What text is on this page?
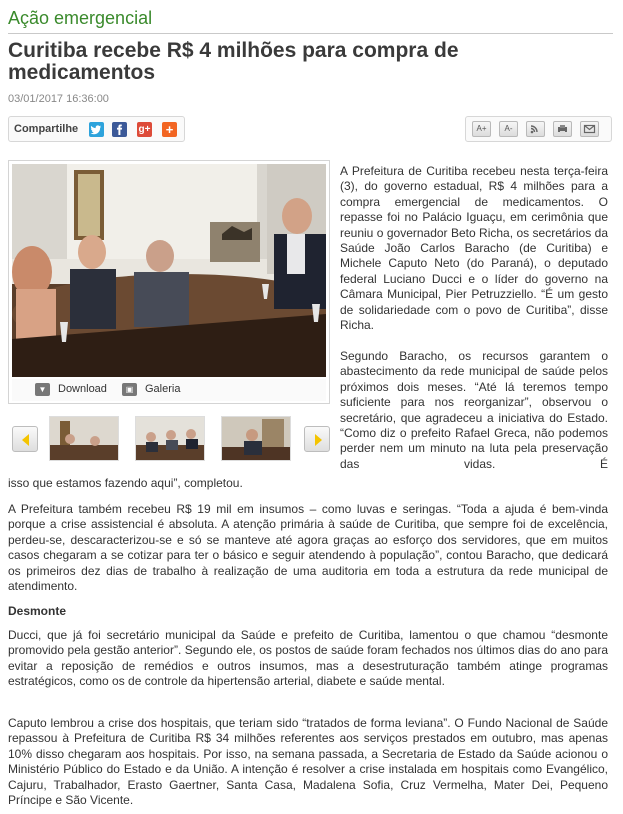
Ação emergencial
Curitiba recebe R$ 4 milhões para compra de medicamentos
03/01/2017 16:36:00
Compartilhe	g+ +	A+	A-
▼	Download	▣	Galeria

A Prefeitura de Curitiba recebeu nesta terça-feira (3), do governo estadual, R$ 4 milhões para a compra emergencial de medicamentos. O repasse foi no Palácio Iguaçu, em cerimônia que reuniu o governador Beto Richa, os secretários da Saúde João Carlos Baracho (de Curitiba) e Michele Caputo Neto (do Paraná), o deputado federal Luciano Ducci e o líder do governo na Câmara Municipal, Pier Petruzziello. “É um gesto de solidariedade com o povo de Curitiba”, disse Richa.

Segundo Baracho, os recursos garantem o abastecimento da rede municipal de saúde pelos próximos dois meses. “Até lá teremos tempo suficiente para nos reorganizar”, observou o secretário, que agradeceu a iniciativa do Estado. “Como diz o prefeito Rafael Greca, não podemos perder nem um minuto na luta pela preservação das vidas. É

isso que estamos fazendo aqui”, completou.

A Prefeitura também recebeu R$ 19 mil em insumos – como luvas e seringas. “Toda a ajuda é bem-vinda porque a crise assistencial é absoluta. A atenção primária à saúde de Curitiba, que sempre foi de excelência, perdeu-se, descaracterizou-se e só se manteve até agora graças ao esforço dos servidores, que em muitos casos chegaram a se cotizar para ter o básico e seguir atendendo à população”, contou Baracho, que dedicará os primeiros dez dias de trabalho à realização de uma auditoria em toda a estrutura da rede municipal de atendimento.

Desmonte

Ducci, que já foi secretário municipal da Saúde e prefeito de Curitiba, lamentou o que chamou “desmonte promovido pela gestão anterior”. Segundo ele, os postos de saúde foram fechados nos últimos dias do ano para evitar a reposição de remédios e outros insumos, mas a desestruturação também atinge programas estratégicos, como os de controle da hipertensão arterial, diabete e saúde mental.

Caputo lembrou a crise dos hospitais, que teriam sido “tratados de forma leviana”. O Fundo Nacional de Saúde repassou à Prefeitura de Curitiba R$ 34 milhões referentes aos serviços prestados em outubro, mas apenas 10% disso chegaram aos hospitais. Por isso, na semana passada, a Secretaria de Estado da Saúde acionou o Ministério Público do Estado e da União. A intenção é resolver a crise instalada em hospitais como Evangélico, Cajuru, Trabalhador, Erasto Gaertner, Santa Casa, Madalena Sofia, Cruz Vermelha, Mater Dei, Pequeno Príncipe e São Vicente.
